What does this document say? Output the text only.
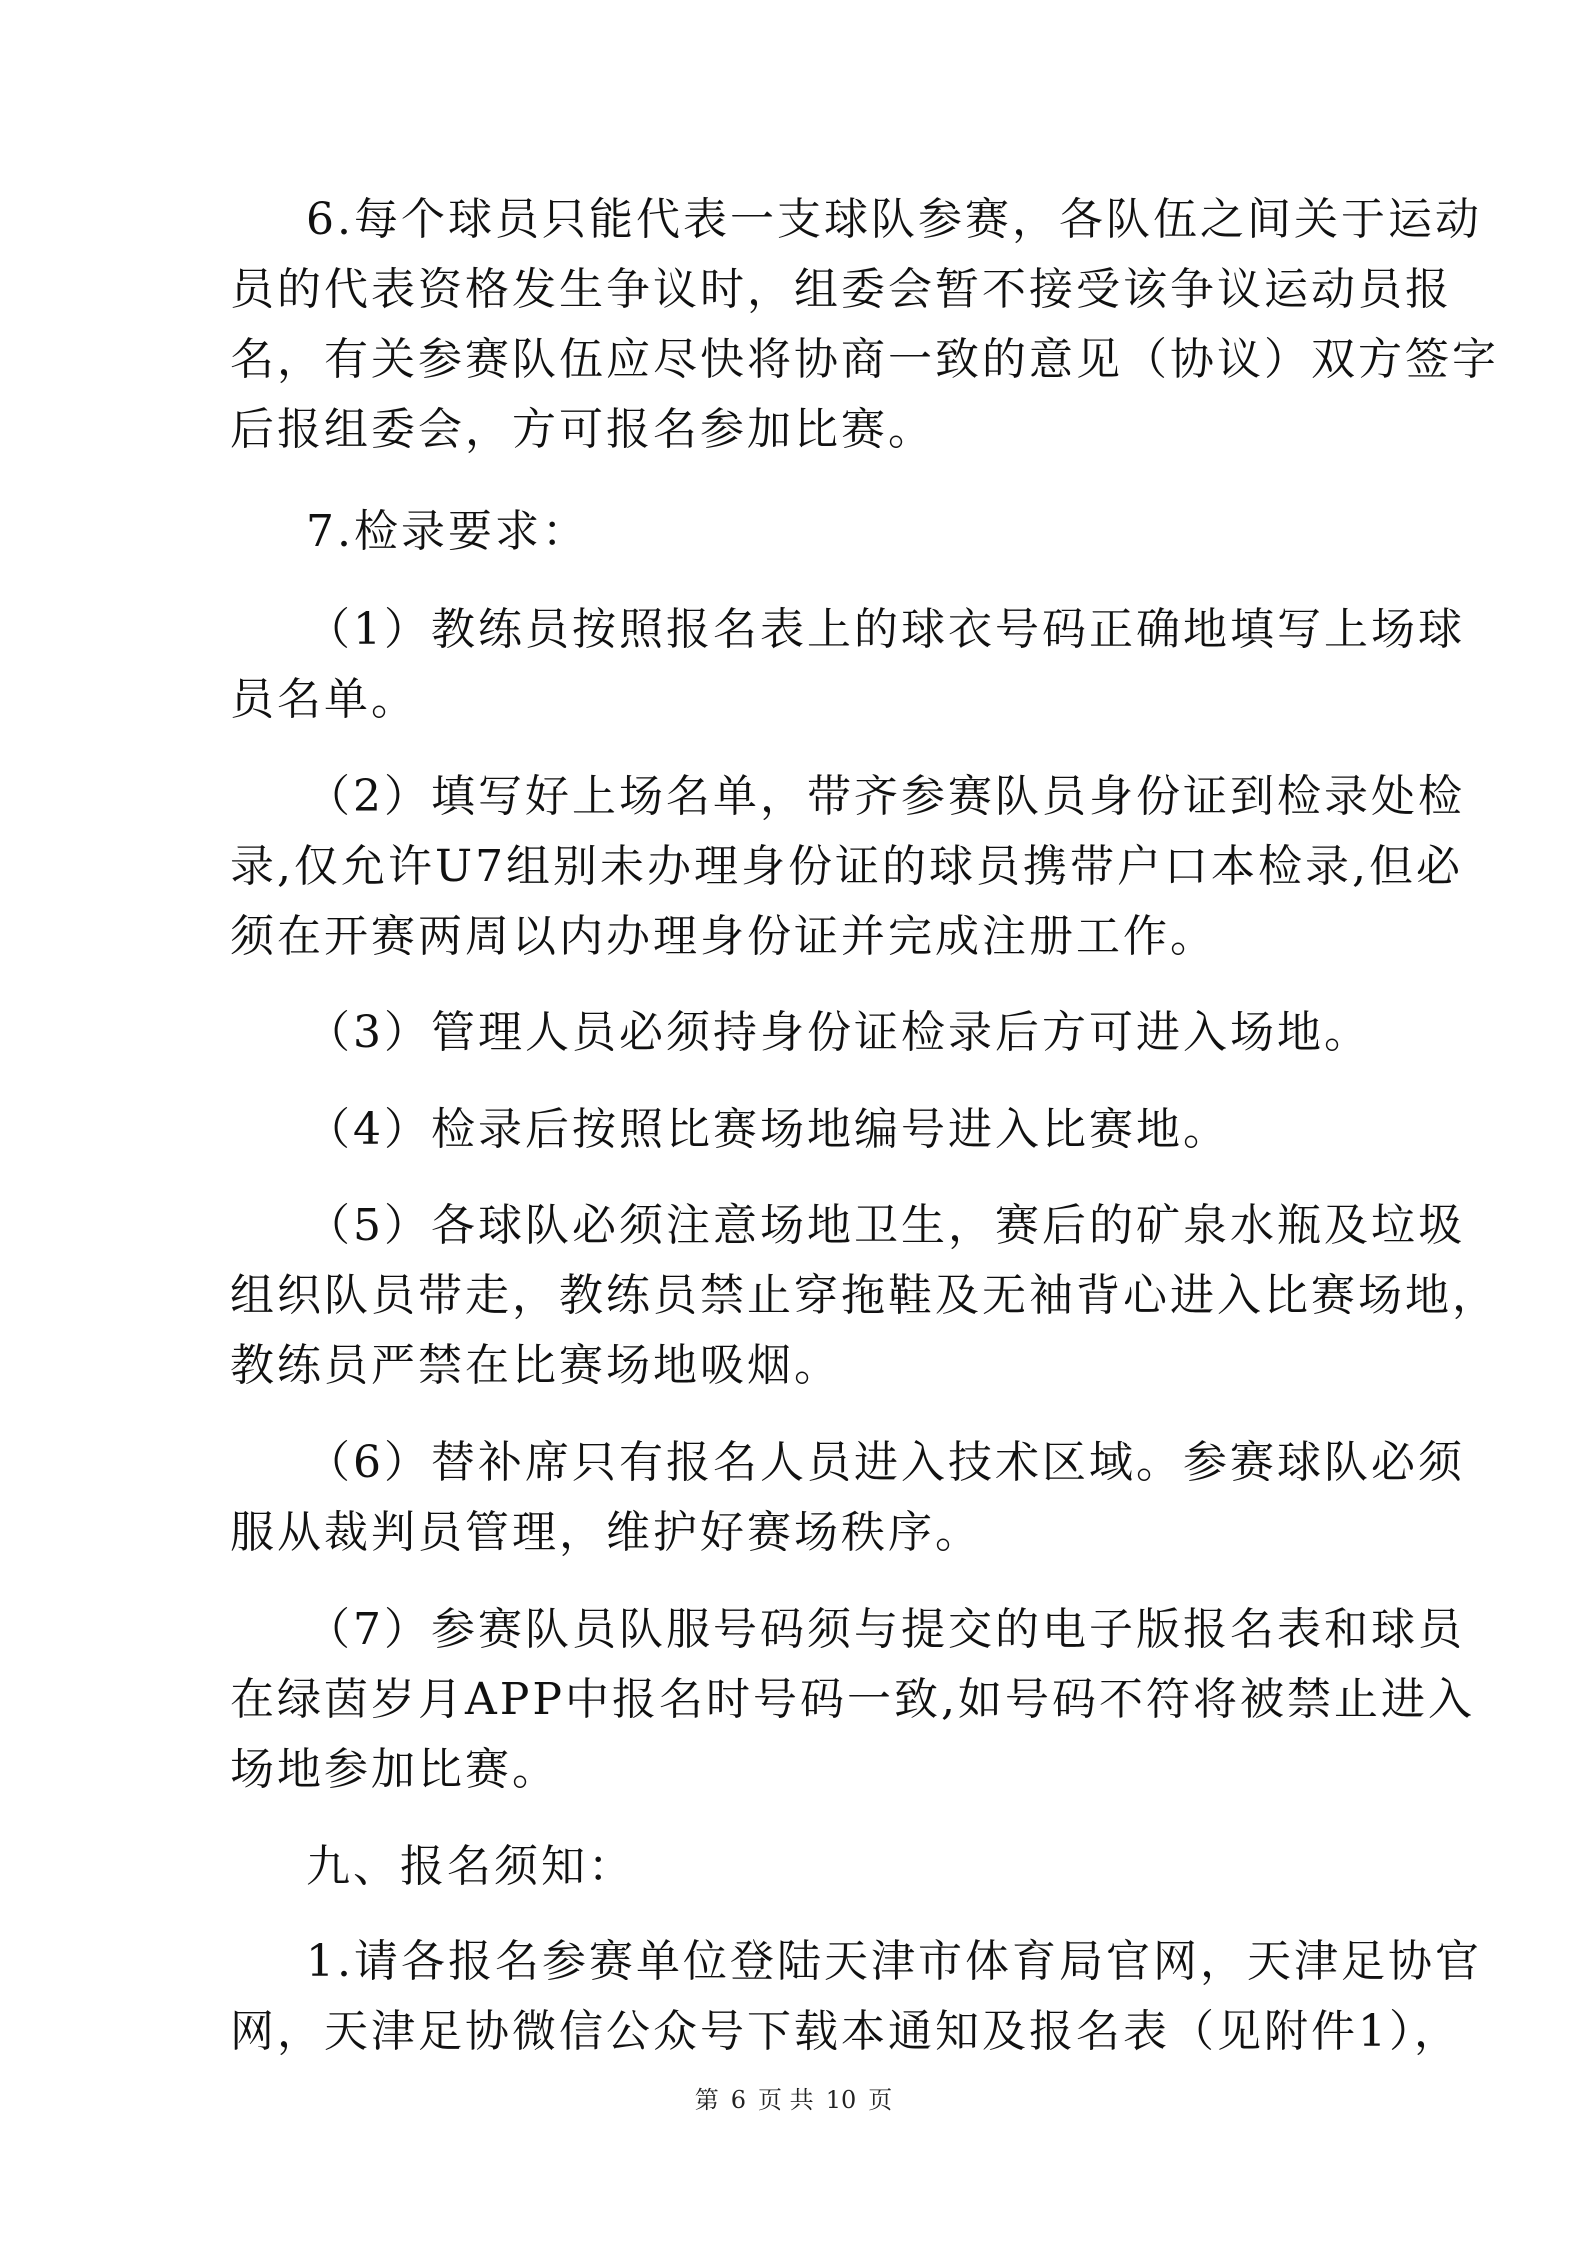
6.每个球员只能代表一支球队参赛，各队伍之间关于运动
员的代表资格发生争议时，组委会暂不接受该争议运动员报
名，有关参赛队伍应尽快将协商一致的意见（协议）双方签字
后报组委会，方可报名参加比赛。
7.检录要求：
（1）教练员按照报名表上的球衣号码正确地填写上场球
员名单。
（2）填写好上场名单，带齐参赛队员身份证到检录处检
录,仅允许U7组别未办理身份证的球员携带户口本检录,但必
须在开赛两周以内办理身份证并完成注册工作。
（3）管理人员必须持身份证检录后方可进入场地。
（4）检录后按照比赛场地编号进入比赛地。
（5）各球队必须注意场地卫生，赛后的矿泉水瓶及垃圾
组织队员带走，教练员禁止穿拖鞋及无袖背心进入比赛场地，
教练员严禁在比赛场地吸烟。
（6）替补席只有报名人员进入技术区域。参赛球队必须
服从裁判员管理，维护好赛场秩序。
（7）参赛队员队服号码须与提交的电子版报名表和球员
在绿茵岁月APP中报名时号码一致,如号码不符将被禁止进入
场地参加比赛。
九、报名须知：
1.请各报名参赛单位登陆天津市体育局官网，天津足协官
网，天津足协微信公众号下载本通知及报名表（见附件1），
第 6 页 共 10 页
